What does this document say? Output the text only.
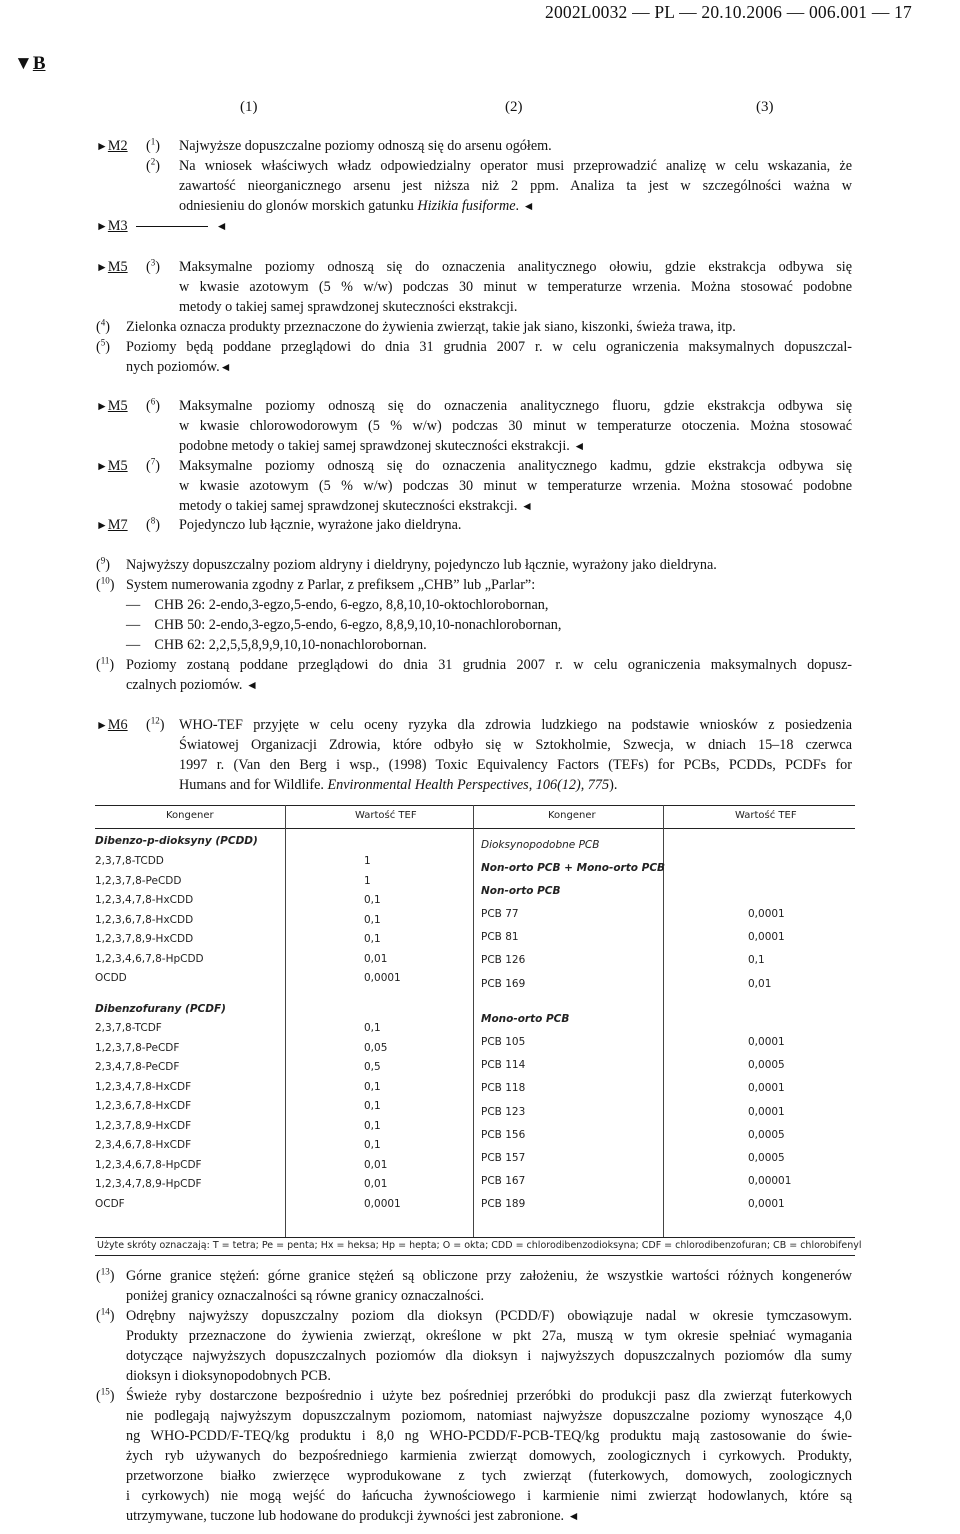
2002L0032 — PL — 20.10.2006 — 006.001 — 17
▼B
(1)	(2)	(3)
►M2 ($^1$) Najwyższe dopuszczalne poziomy odnoszą się do arsenu ogółem.
($^2$) Na wniosek właściwych władz odpowiedzialny operator musi przeprowadzić analizę w celu wskazania, że
zawartość nieorganicznego arsenu jest niższa niż 2 ppm. Analiza ta jest w szczególności ważna w
odniesieniu do glonów morskich gatunku Hizikia fusiforme. ◄
►M3	◄
►M5 ($^3$) Maksymalne poziomy odnoszą się do oznaczenia analitycznego ołowiu, gdzie ekstrakcja odbywa się
w kwasie azotowym (5 % w/w) podczas 30 minut w temperaturze wrzenia. Można stosować podobne
metody o takiej samej sprawdzonej skuteczności ekstrakcji.
($^4$) Zielonka oznacza produkty przeznaczone do żywienia zwierząt, takie jak siano, kiszonki, świeża trawa, itp.
($^5$) Poziomy będą poddane przeglądowi do dnia 31 grudnia 2007 r. w celu ograniczenia maksymalnych dopuszczal-
nych poziomów.◄
►M5 ($^6$) Maksymalne poziomy odnoszą się do oznaczenia analitycznego fluoru, gdzie ekstrakcja odbywa się
w kwasie chlorowodorowym (5 % w/w) podczas 30 minut w temperaturze otoczenia. Można stosować
podobne metody o takiej samej sprawdzonej skuteczności ekstrakcji. ◄
►M5 ($^7$) Maksymalne poziomy odnoszą się do oznaczenia analitycznego kadmu, gdzie ekstrakcja odbywa się
w kwasie azotowym (5 % w/w) podczas 30 minut w temperaturze wrzenia. Można stosować podobne
metody o takiej samej sprawdzonej skuteczności ekstrakcji. ◄
►M7 ($^8$) Pojedynczo lub łącznie, wyrażone jako dieldryna.
($^9$) Najwyższy dopuszczalny poziom aldryny i dieldryny, pojedynczo lub łącznie, wyrażony jako dieldryna.
($^{10}$) System numerowania zgodny z Parlar, z prefiksem „CHB” lub „Parlar”:
—    CHB 26: 2-endo,3-egzo,5-endo, 6-egzo, 8,8,10,10-oktochlorobornan,
—    CHB 50: 2-endo,3-egzo,5-endo, 6-egzo, 8,8,9,10,10-nonachlorobornan,
—    CHB 62: 2,2,5,5,8,9,9,10,10-nonachlorobornan.
($^{11}$) Poziomy zostaną poddane przeglądowi do dnia 31 grudnia 2007 r. w celu ograniczenia maksymalnych dopusz-
czalnych poziomów. ◄
►M6 ($^{12}$) WHO-TEF przyjęte w celu oceny ryzyka dla zdrowia ludzkiego na podstawie wniosków z posiedzenia
Światowej Organizacji Zdrowia, które odbyło się w Sztokholmie, Szwecja, w dniach 15–18 czerwca
1997 r. (Van den Berg i wsp., (1998) Toxic Equivalency Factors (TEFs) for PCBs, PCDDs, PCDFs for
Humans and for Wildlife. Environmental Health Perspectives, 106(12), 775).
Kongener	Wartość TEF	Kongener	Wartość TEF
Dibenzo-p-dioksyny (PCDD)
2,3,7,8-TCDD	1
1,2,3,7,8-PeCDD	1
1,2,3,4,7,8-HxCDD	0,1
1,2,3,6,7,8-HxCDD	0,1
1,2,3,7,8,9-HxCDD	0,1
1,2,3,4,6,7,8-HpCDD	0,01
OCDD	0,0001
Dibenzofurany (PCDF)
2,3,7,8-TCDF	0,1
1,2,3,7,8-PeCDF	0,05
2,3,4,7,8-PeCDF	0,5
1,2,3,4,7,8-HxCDF	0,1
1,2,3,6,7,8-HxCDF	0,1
1,2,3,7,8,9-HxCDF	0,1
2,3,4,6,7,8-HxCDF	0,1
1,2,3,4,6,7,8-HpCDF	0,01
1,2,3,4,7,8,9-HpCDF	0,01
OCDF	0,0001
Dioksynopodobne PCB
Non-orto PCB + Mono-orto PCB
Non-orto PCB
PCB 77	0,0001
PCB 81	0,0001
PCB 126	0,1
PCB 169	0,01
Mono-orto PCB
PCB 105	0,0001
PCB 114	0,0005
PCB 118	0,0001
PCB 123	0,0001
PCB 156	0,0005
PCB 157	0,0005
PCB 167	0,00001
PCB 189	0,0001
Użyte skróty oznaczają: T = tetra; Pe = penta; Hx = heksa; Hp = hepta; O = okta; CDD = chlorodibenzodioksyna; CDF = chlorodibenzofuran; CB = chlorobifenyl
($^{13}$) Górne granice stężeń: górne granice stężeń są obliczone przy założeniu, że wszystkie wartości różnych kongenerów
poniżej granicy oznaczalności są równe granicy oznaczalności.
($^{14}$) Odrębny najwyższy dopuszczalny poziom dla dioksyn (PCDD/F) obowiązuje nadal w okresie tymczasowym.
Produkty przeznaczone do żywienia zwierząt, określone w pkt 27a, muszą w tym okresie spełniać wymagania
dotyczące najwyższych dopuszczalnych poziomów dla dioksyn i najwyższych dopuszczalnych poziomów dla sumy
dioksyn i dioksynopodobnych PCB.
($^{15}$) Świeże ryby dostarczone bezpośrednio i użyte bez pośredniej przeróbki do produkcji pasz dla zwierząt futerkowych
nie podlegają najwyższym dopuszczalnym poziomom, natomiast najwyższe dopuszczalne poziomy wynoszące 4,0
ng WHO-PCDD/F-TEQ/kg produktu i 8,0 ng WHO-PCDD/F-PCB-TEQ/kg produktu mają zastosowanie do świe-
żych ryb używanych do bezpośredniego karmienia zwierząt domowych, zoologicznych i cyrkowych. Produkty,
przetworzone białko zwierzęce wyprodukowane z tych zwierząt (futerkowych, domowych, zoologicznych
i cyrkowych) nie mogą wejść do łańcucha żywnościowego i karmienie nimi zwierząt hodowlanych, które są
utrzymywane, tuczone lub hodowane do produkcji żywności jest zabronione. ◄
